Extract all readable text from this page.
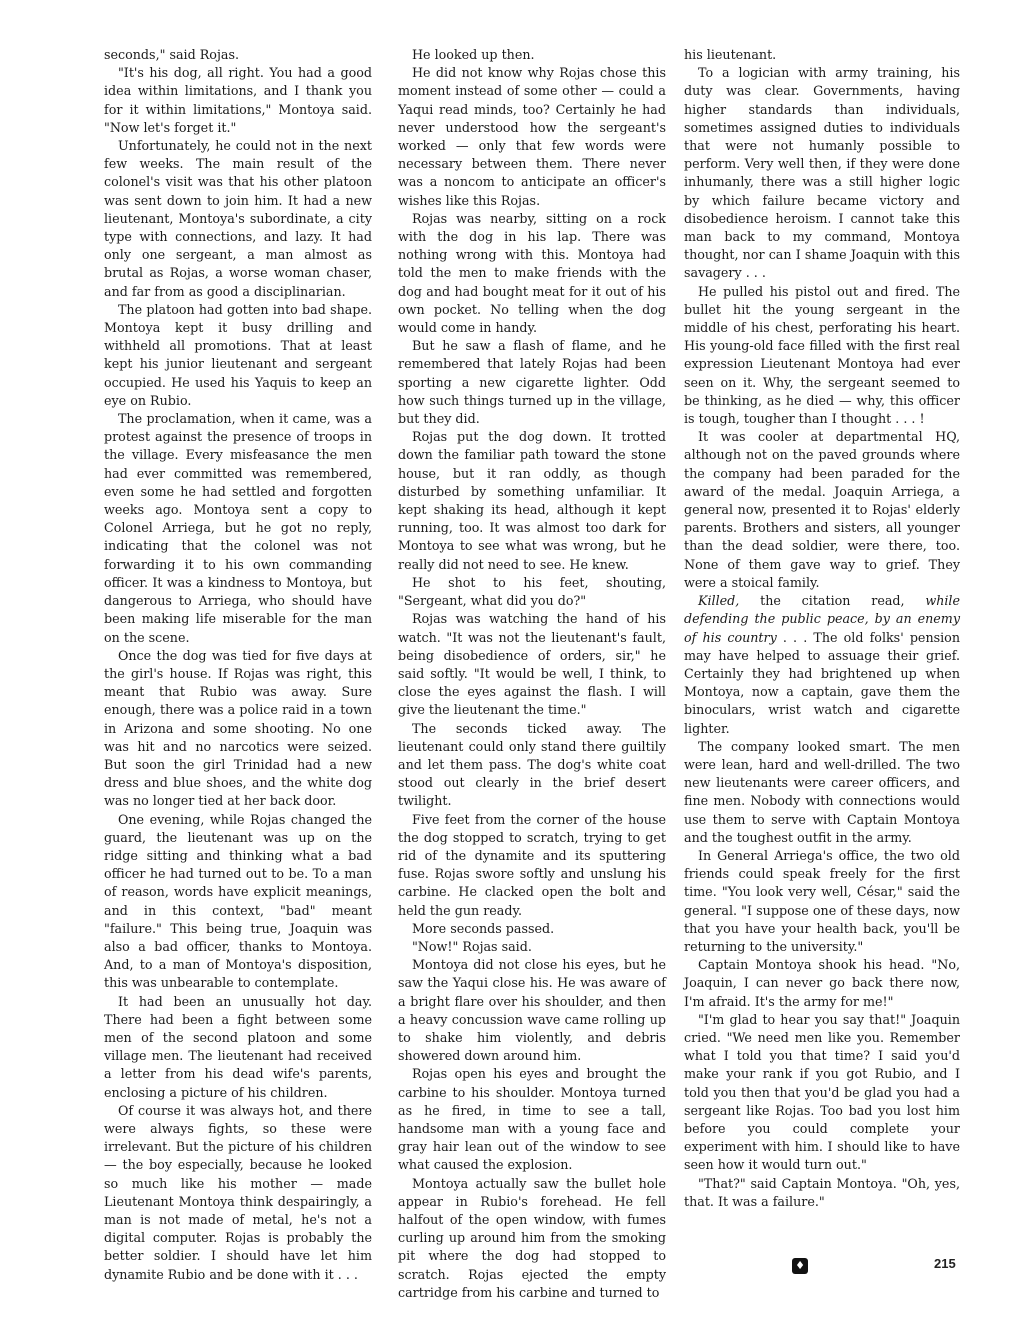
seconds," said Rojas.

"It's his dog, all right. You had a good idea within limitations, and I thank you for it within limitations," Montoya said. "Now let's forget it."

Unfortunately, he could not in the next few weeks. The main result of the colonel's visit was that his other platoon was sent down to join him. It had a new lieutenant, Montoya's subordinate, a city type with connections, and lazy. It had only one sergeant, a man almost as brutal as Rojas, a worse woman chaser, and far from as good a disciplinarian.

The platoon had gotten into bad shape. Montoya kept it busy drilling and withheld all promotions. That at least kept his junior lieutenant and sergeant occupied. He used his Yaquis to keep an eye on Rubio.

The proclamation, when it came, was a protest against the presence of troops in the village. Every misfeasance the men had ever committed was remembered, even some he had settled and forgotten weeks ago. Montoya sent a copy to Colonel Arriega, but he got no reply, indicating that the colonel was not forwarding it to his own commanding officer. It was a kindness to Montoya, but dangerous to Arriega, who should have been making life miserable for the man on the scene.

Once the dog was tied for five days at the girl's house. If Rojas was right, this meant that Rubio was away. Sure enough, there was a police raid in a town in Arizona and some shooting. No one was hit and no narcotics were seized. But soon the girl Trinidad had a new dress and blue shoes, and the white dog was no longer tied at her back door.

One evening, while Rojas changed the guard, the lieutenant was up on the ridge sitting and thinking what a bad officer he had turned out to be. To a man of reason, words have explicit meanings, and in this context, "bad" meant "failure." This being true, Joaquin was also a bad officer, thanks to Montoya. And, to a man of Montoya's disposition, this was unbearable to contemplate.

It had been an unusually hot day. There had been a fight between some men of the second platoon and some village men. The lieutenant had received a letter from his dead wife's parents, enclosing a picture of his children.

Of course it was always hot, and there were always fights, so these were irrelevant. But the picture of his children — the boy especially, because he looked so much like his mother — made Lieutenant Montoya think despairingly, a man is not made of metal, he's not a digital computer. Rojas is probably the better soldier. I should have let him dynamite Rubio and be done with it . . .

He looked up then.

He did not know why Rojas chose this moment instead of some other — could a Yaqui read minds, too? Certainly he had never understood how the sergeant's worked — only that few words were necessary between them. There never was a noncom to anticipate an officer's wishes like this Rojas.

Rojas was nearby, sitting on a rock with the dog in his lap. There was nothing wrong with this. Montoya had told the men to make friends with the dog and had bought meat for it out of his own pocket. No telling when the dog would come in handy.

But he saw a flash of flame, and he remembered that lately Rojas had been sporting a new cigarette lighter. Odd how such things turned up in the village, but they did.

Rojas put the dog down. It trotted down the familiar path toward the stone house, but it ran oddly, as though disturbed by something unfamiliar. It kept shaking its head, although it kept running, too. It was almost too dark for Montoya to see what was wrong, but he really did not need to see. He knew.

He shot to his feet, shouting, "Sergeant, what did you do?"

Rojas was watching the hand of his watch. "It was not the lieutenant's fault, being disobedience of orders, sir," he said softly. "It would be well, I think, to close the eyes against the flash. I will give the lieutenant the time."

The seconds ticked away. The lieutenant could only stand there guiltily and let them pass. The dog's white coat stood out clearly in the brief desert twilight.

Five feet from the corner of the house the dog stopped to scratch, trying to get rid of the dynamite and its sputtering fuse. Rojas swore softly and unslung his carbine. He clacked open the bolt and held the gun ready.

More seconds passed.

"Now!" Rojas said.

Montoya did not close his eyes, but he saw the Yaqui close his. He was aware of a bright flare over his shoulder, and then a heavy concussion wave came rolling up to shake him violently, and debris showered down around him.

Rojas open his eyes and brought the carbine to his shoulder. Montoya turned as he fired, in time to see a tall, handsome man with a young face and gray hair lean out of the window to see what caused the explosion.

Montoya actually saw the bullet hole appear in Rubio's forehead. He fell halfout of the open window, with fumes curling up around him from the smoking pit where the dog had stopped to scratch. Rojas ejected the empty cartridge from his carbine and turned to

his lieutenant.

To a logician with army training, his duty was clear. Governments, having higher standards than individuals, sometimes assigned duties to individuals that were not humanly possible to perform. Very well then, if they were done inhumanly, there was a still higher logic by which failure became victory and disobedience heroism. I cannot take this man back to my command, Montoya thought, nor can I shame Joaquin with this savagery . . .

He pulled his pistol out and fired. The bullet hit the young sergeant in the middle of his chest, perforating his heart. His young-old face filled with the first real expression Lieutenant Montoya had ever seen on it. Why, the sergeant seemed to be thinking, as he died — why, this officer is tough, tougher than I thought . . . !

It was cooler at departmental HQ, although not on the paved grounds where the company had been paraded for the award of the medal. Joaquin Arriega, a general now, presented it to Rojas' elderly parents. Brothers and sisters, all younger than the dead soldier, were there, too. None of them gave way to grief. They were a stoical family.

Killed, the citation read, while defending the public peace, by an enemy of his country . . . The old folks' pension may have helped to assuage their grief. Certainly they had brightened up when Montoya, now a captain, gave them the binoculars, wrist watch and cigarette lighter.

The company looked smart. The men were lean, hard and well-drilled. The two new lieutenants were career officers, and fine men. Nobody with connections would use them to serve with Captain Montoya and the toughest outfit in the army.

In General Arriega's office, the two old friends could speak freely for the first time. "You look very well, César," said the general. "I suppose one of these days, now that you have your health back, you'll be returning to the university."

Captain Montoya shook his head. "No, Joaquin, I can never go back there now, I'm afraid. It's the army for me!"

"I'm glad to hear you say that!" Joaquin cried. "We need men like you. Remember what I told you that time? I said you'd make your rank if you got Rubio, and I told you then that you'd be glad you had a sergeant like Rojas. Too bad you lost him before you could complete your experiment with him. I should like to have seen how it would turn out."

"That?" said Captain Montoya. "Oh, yes, that. It was a failure."

♦	215
